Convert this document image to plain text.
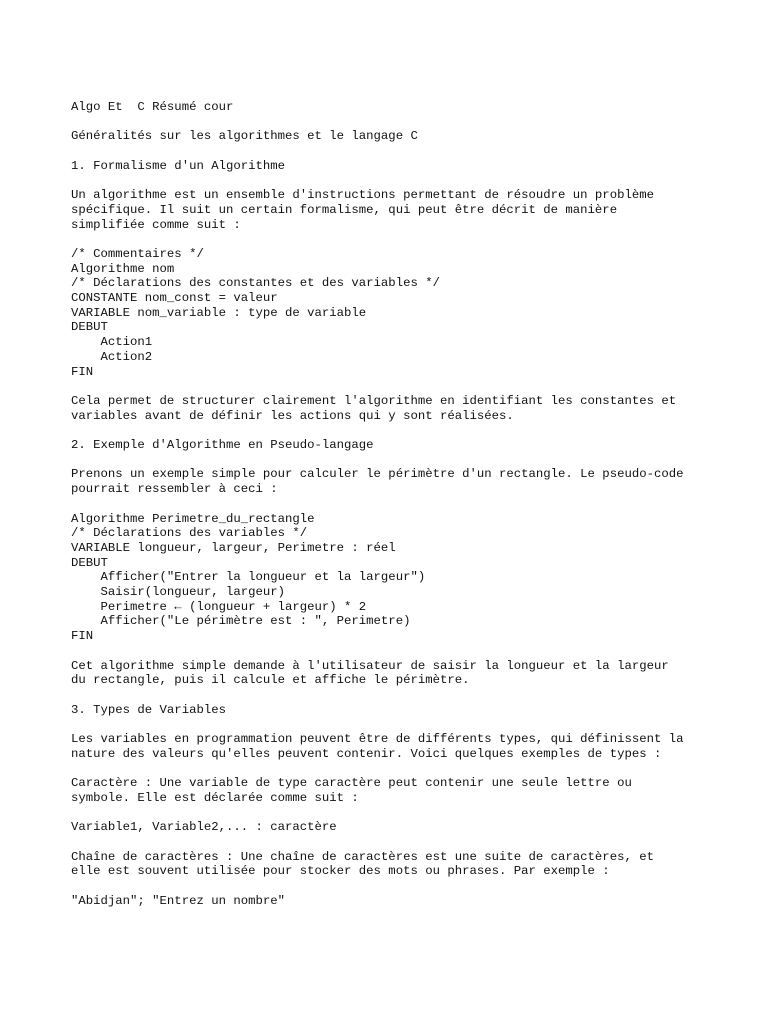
Algo Et  C Résumé cour
Généralités sur les algorithmes et le langage C
1. Formalisme d'un Algorithme
Un algorithme est un ensemble d'instructions permettant de résoudre un problème
spécifique. Il suit un certain formalisme, qui peut être décrit de manière
simplifiée comme suit :
/* Commentaires */
Algorithme nom
/* Déclarations des constantes et des variables */
CONSTANTE nom_const = valeur
VARIABLE nom_variable : type de variable
DEBUT
Action1
Action2
FIN
Cela permet de structurer clairement l'algorithme en identifiant les constantes et
variables avant de définir les actions qui y sont réalisées.
2. Exemple d'Algorithme en Pseudo-langage
Prenons un exemple simple pour calculer le périmètre d'un rectangle. Le pseudo-code
pourrait ressembler à ceci :
Algorithme Perimetre_du_rectangle
/* Déclarations des variables */
VARIABLE longueur, largeur, Perimetre : réel
DEBUT
Afficher("Entrer la longueur et la largeur")
Saisir(longueur, largeur)
Perimetre ← (longueur + largeur) * 2
Afficher("Le périmètre est : ", Perimetre)
FIN
Cet algorithme simple demande à l'utilisateur de saisir la longueur et la largeur
du rectangle, puis il calcule et affiche le périmètre.
3. Types de Variables
Les variables en programmation peuvent être de différents types, qui définissent la
nature des valeurs qu'elles peuvent contenir. Voici quelques exemples de types :
Caractère : Une variable de type caractère peut contenir une seule lettre ou
symbole. Elle est déclarée comme suit :
Variable1, Variable2,... : caractère
Chaîne de caractères : Une chaîne de caractères est une suite de caractères, et
elle est souvent utilisée pour stocker des mots ou phrases. Par exemple :
"Abidjan"; "Entrez un nombre"
